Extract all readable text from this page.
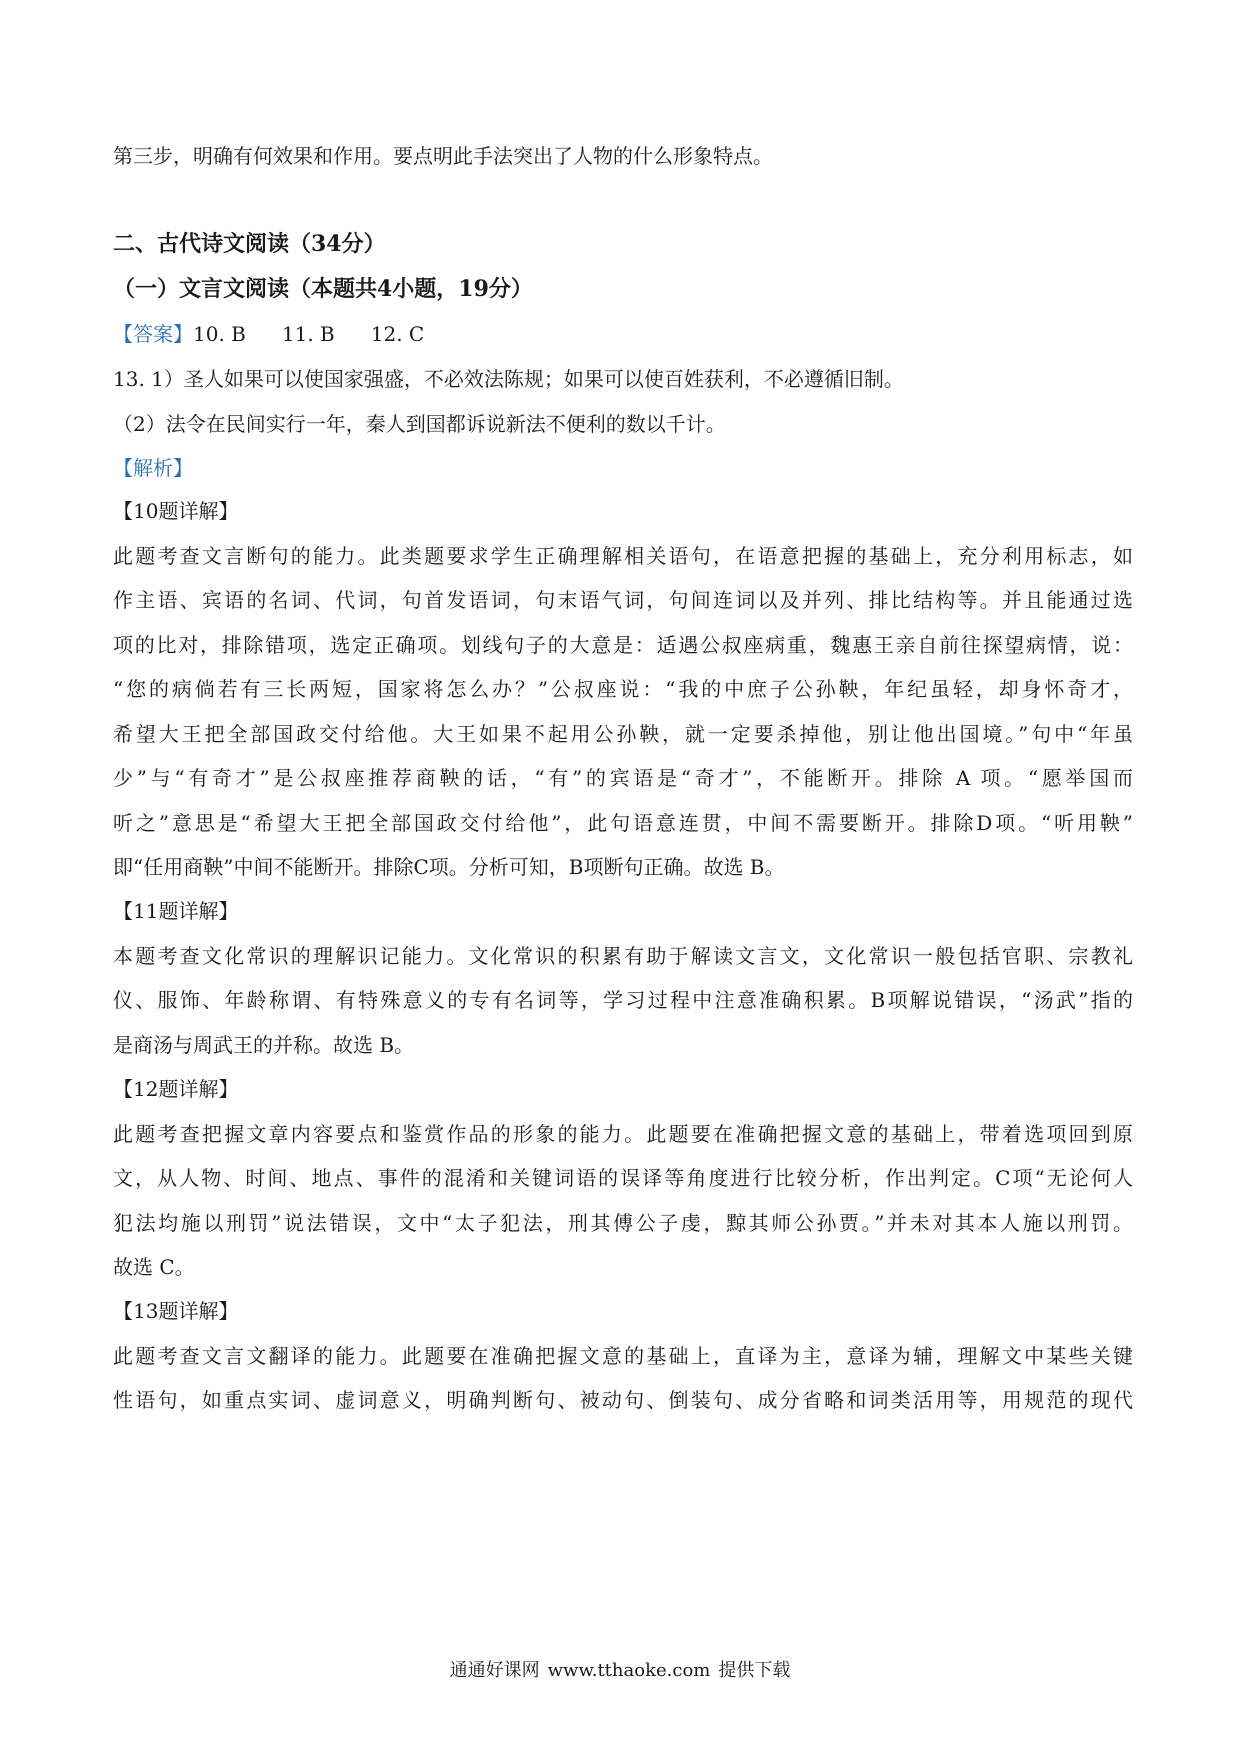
第三步，明确有何效果和作用。要点明此手法突出了人物的什么形象特点。
二、古代诗文阅读（34分）
（一）文言文阅读（本题共4小题，19分）
【答案】10. B 11. B 12. C
13. 1）圣人如果可以使国家强盛，不必效法陈规；如果可以使百姓获利，不必遵循旧制。
（2）法令在民间实行一年，秦人到国都诉说新法不便利的数以千计。
【解析】
【10题详解】
此题考查文言断句的能力。此类题要求学生正确理解相关语句，在语意把握的基础上，充分利用标志，如
作主语、宾语的名词、代词，句首发语词，句末语气词，句间连词以及并列、排比结构等。并且能通过选
项的比对，排除错项，选定正确项。划线句子的大意是：适遇公叔座病重，魏惠王亲自前往探望病情，说：
“您的病倘若有三长两短，国家将怎么办？”公叔座说：“我的中庶子公孙鞅，年纪虽轻，却身怀奇才，
希望大王把全部国政交付给他。大王如果不起用公孙鞅，就一定要杀掉他，别让他出国境。”句中“年虽
少”与“有奇才”是公叔座推荐商鞅的话，“有”的宾语是“奇才”，不能断开。排除 A 项。“愿举国而
听之”意思是“希望大王把全部国政交付给他”，此句语意连贯，中间不需要断开。排除D项。“听用鞅”
即“任用商鞅”中间不能断开。排除C项。分析可知，B项断句正确。故选 B。
【11题详解】
本题考查文化常识的理解识记能力。文化常识的积累有助于解读文言文，文化常识一般包括官职、宗教礼
仪、服饰、年龄称谓、有特殊意义的专有名词等，学习过程中注意准确积累。B项解说错误，“汤武”指的
是商汤与周武王的并称。故选 B。
【12题详解】
此题考查把握文章内容要点和鉴赏作品的形象的能力。此题要在准确把握文意的基础上，带着选项回到原
文，从人物、时间、地点、事件的混淆和关键词语的误译等角度进行比较分析，作出判定。C项“无论何人
犯法均施以刑罚”说法错误，文中“太子犯法，刑其傅公子虔，黥其师公孙贾。”并未对其本人施以刑罚。
故选 C。
【13题详解】
此题考查文言文翻译的能力。此题要在准确把握文意的基础上，直译为主，意译为辅，理解文中某些关键
性语句，如重点实词、虚词意义，明确判断句、被动句、倒装句、成分省略和词类活用等，用规范的现代
通通好课网 www.tthaoke.com 提供下载
